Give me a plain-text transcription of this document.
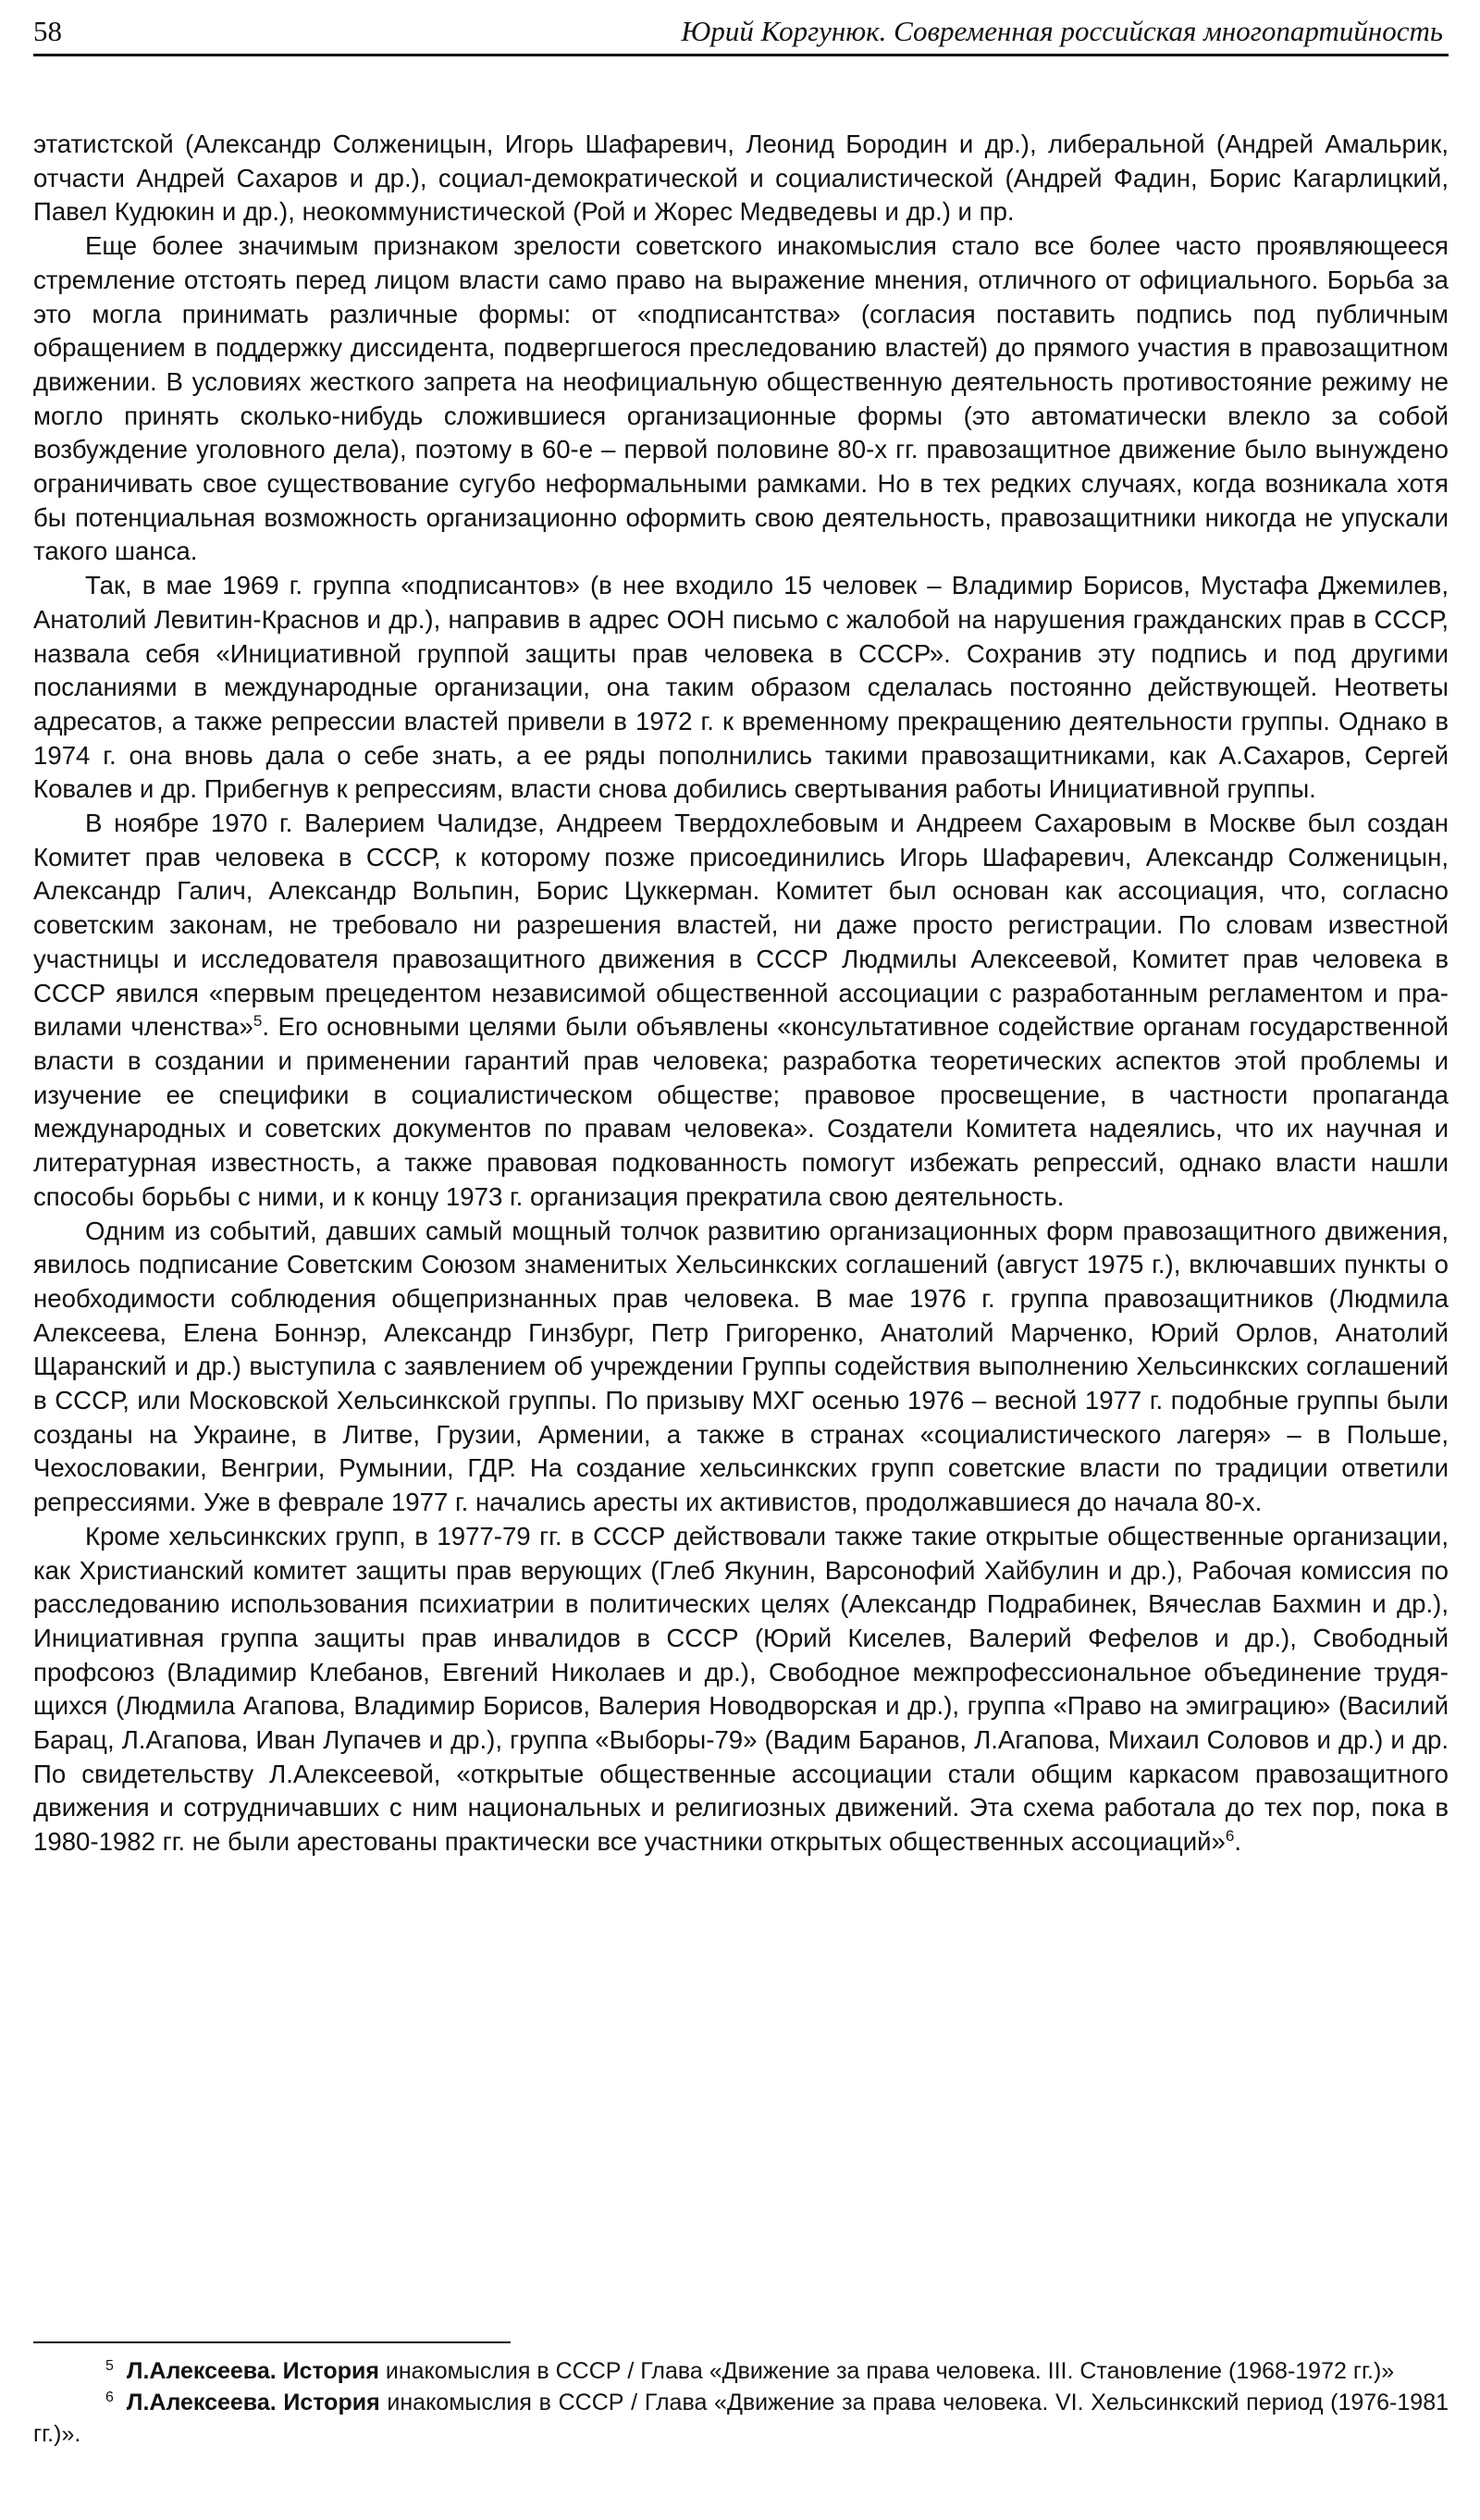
58	Юрий Коргунюк. Современная российская многопартийность

этатистской (Александр Солженицын, Игорь Шафаревич, Леонид Бородин и др.), либеральной (Андрей Амальрик, отчасти Андрей Сахаров и др.), социал-демократической и социалистической (Андрей Фадин, Борис Кагарлицкий, Павел Кудюкин и др.), неокоммунистической (Рой и Жорес Медведевы и др.) и пр.

Еще более значимым признаком зрелости советского инакомыслия стало все более часто проявляющееся стремление отстоять перед лицом власти само право на выражение мнения, отличного от официального. Борьба за это могла принимать различные формы: от «подписантства» (согласия поставить подпись под публичным обращением в поддержку диссидента, подвергшегося преследованию властей) до прямого участия в правозащитном движении. В условиях жесткого запрета на неофициальную общественную деятельность противостояние режиму не могло принять сколько-нибудь сложившиеся организационные формы (это автоматически влекло за собой возбуждение уголовного дела), поэтому в 60-е – первой половине 80-х гг. правозащитное движение было вынуждено ограничивать свое существование сугубо неформальными рамками. Но в тех редких случаях, когда возникала хотя бы потенциальная возможность организационно оформить свою деятельность, правозащитники никогда не упускали такого шанса.

Так, в мае 1969 г. группа «подписантов» (в нее входило 15 человек – Владимир Борисов, Мустафа Джемилев, Анатолий Левитин-Краснов и др.), направив в адрес ООН письмо с жалобой на нарушения гражданских прав в СССР, назвала себя «Инициативной группой защиты прав человека в СССР». Сохранив эту подпись и под другими посланиями в международные организации, она таким образом сделалась постоянно действующей. Неответы адресатов, а также репрессии властей привели в 1972 г. к временному прекращению деятельности группы. Однако в 1974 г. она вновь дала о себе знать, а ее ряды пополнились такими правозащитниками, как А.Сахаров, Сергей Ковалев и др. Прибегнув к репрессиям, власти снова добились свертывания работы Инициативной группы.

В ноябре 1970 г. Валерием Чалидзе, Андреем Твердохлебовым и Андреем Сахаровым в Москве был создан Комитет прав человека в СССР, к которому позже присоединились Игорь Шафаревич, Александр Солженицын, Александр Галич, Александр Вольпин, Борис Цуккерман. Комитет был основан как ассоциация, что, согласно советским законам, не требовало ни разрешения властей, ни даже просто регистрации. По словам известной участницы и исследователя правозащитного движения в СССР Людмилы Алексеевой, Комитет прав человека в СССР явился «первым прецедентом независимой общественной ассоциации с разработанным регламентом и правилами членства»$^5$. Его основными целями были объявлены «консультативное содействие органам государственной власти в создании и применении гарантий прав человека; разработка теоретических аспектов этой проблемы и изучение ее специфики в социалистическом обществе; правовое просвещение, в частности пропаганда международных и советских документов по правам человека». Создатели Комитета надеялись, что их научная и литературная известность, а также правовая подкованность помогут избежать репрессий, однако власти нашли способы борьбы с ними, и к концу 1973 г. организация прекратила свою деятельность.

Одним из событий, давших самый мощный толчок развитию организационных форм правозащитного движения, явилось подписание Советским Союзом знаменитых Хельсинкских соглашений (август 1975 г.), включавших пункты о необходимости соблюдения общепризнанных прав человека. В мае 1976 г. группа правозащитников (Людмила Алексеева, Елена Боннэр, Александр Гинзбург, Петр Григоренко, Анатолий Марченко, Юрий Орлов, Анатолий Щаранский и др.) выступила с заявлением об учреждении Группы содействия выполнению Хельсинкских соглашений в СССР, или Московской Хельсинкской группы. По призыву МХГ осенью 1976 – весной 1977 г. подобные группы были созданы на Украине, в Литве, Грузии, Армении, а также в странах «социалистического лагеря» – в Польше, Чехословакии, Венгрии, Румынии, ГДР. На создание хельсинкских групп советские власти по традиции ответили репрессиями. Уже в феврале 1977 г. начались аресты их активистов, продолжавшиеся до начала 80-х.

Кроме хельсинкских групп, в 1977-79 гг. в СССР действовали также такие открытые общественные организации, как Христианский комитет защиты прав верующих (Глеб Якунин, Варсонофий Хайбулин и др.), Рабочая комиссия по расследованию использования психиатрии в политических целях (Александр Подрабинек, Вячеслав Бахмин и др.), Инициативная группа защиты прав инвалидов в СССР (Юрий Киселев, Валерий Фефелов и др.), Свободный профсоюз (Владимир Клебанов, Евгений Николаев и др.), Свободное межпрофессиональное объединение трудящихся (Людмила Агапова, Владимир Борисов, Валерия Новодворская и др.), группа «Право на эмиграцию» (Василий Барац, Л.Агапова, Иван Лупачев и др.), группа «Выборы-79» (Вадим Баранов, Л.Агапова, Михаил Соловов и др.) и др. По свидетельству Л.Алексеевой, «открытые общественные ассоциации стали общим каркасом правозащитного движения и сотрудничавших с ним национальных и религиозных движений. Эта схема работала до тех пор, пока в 1980-1982 гг. не были арестованы практически все участники открытых общественных ассоциаций»$^6$.

$^5$ Л.Алексеева. История инакомыслия в СССР / Глава «Движение за права человека. III. Становление (1968-1972 гг.)»

$^6$ Л.Алексеева. История инакомыслия в СССР / Глава «Движение за права человека. VI. Хельсинкский период (1976-1981 гг.)».
